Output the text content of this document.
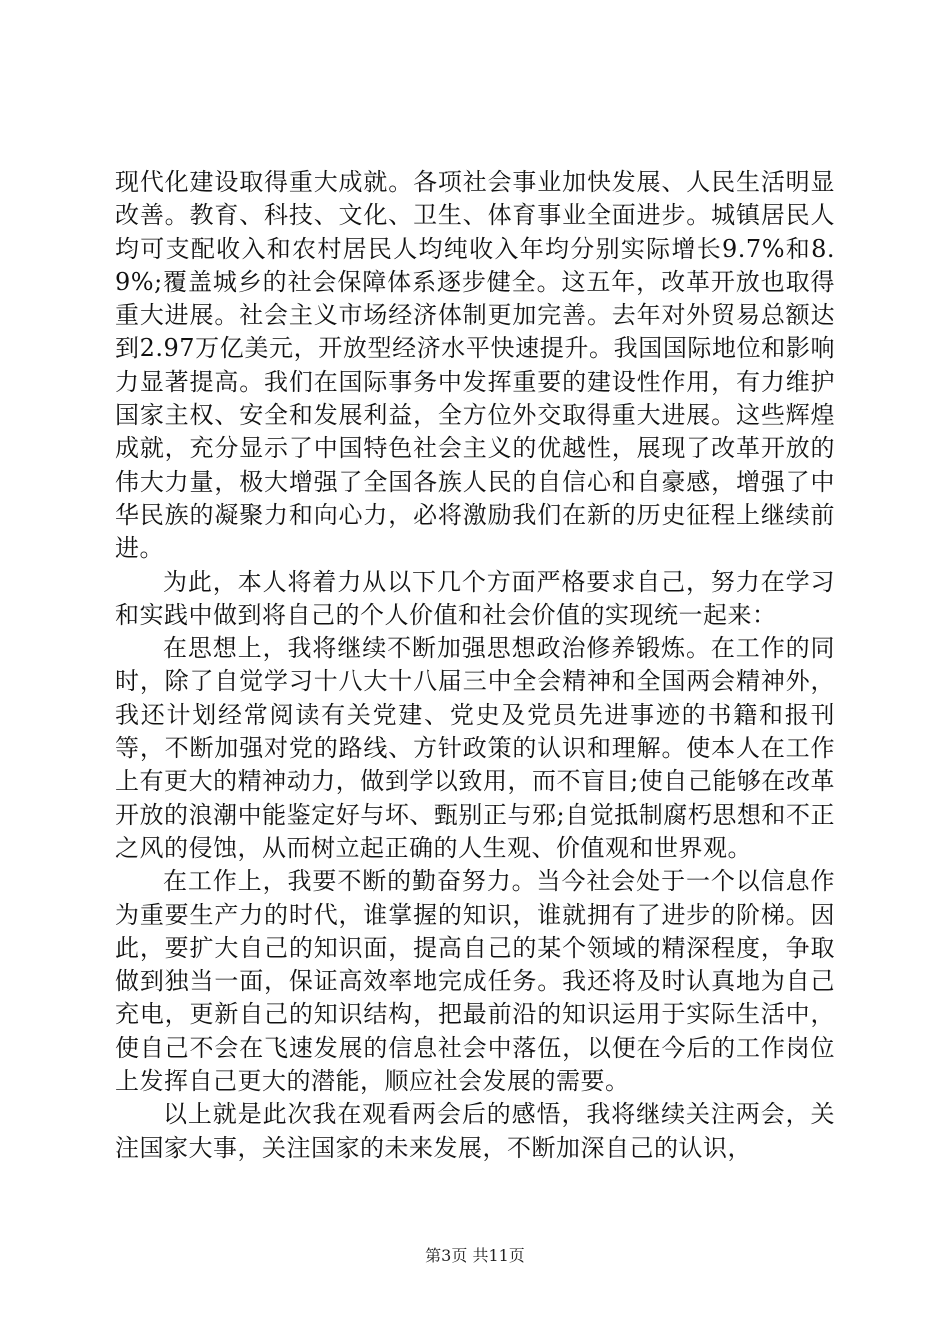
现代化建设取得重大成就。各项社会事业加快发展、人民生活明显改善。教育、科技、文化、卫生、体育事业全面进步。城镇居民人均可支配收入和农村居民人均纯收入年均分别实际增长9.7%和8.9%;覆盖城乡的社会保障体系逐步健全。这五年，改革开放也取得重大进展。社会主义市场经济体制更加完善。去年对外贸易总额达到2.97万亿美元，开放型经济水平快速提升。我国国际地位和影响力显著提高。我们在国际事务中发挥重要的建设性作用，有力维护国家主权、安全和发展利益，全方位外交取得重大进展。这些辉煌成就，充分显示了中国特色社会主义的优越性，展现了改革开放的伟大力量，极大增强了全国各族人民的自信心和自豪感，增强了中华民族的凝聚力和向心力，必将激励我们在新的历史征程上继续前进。

为此，本人将着力从以下几个方面严格要求自己，努力在学习和实践中做到将自己的个人价值和社会价值的实现统一起来：

在思想上，我将继续不断加强思想政治修养锻炼。在工作的同时，除了自觉学习十八大十八届三中全会精神和全国两会精神外，我还计划经常阅读有关党建、党史及党员先进事迹的书籍和报刊等，不断加强对党的路线、方针政策的认识和理解。使本人在工作上有更大的精神动力，做到学以致用，而不盲目;使自己能够在改革开放的浪潮中能鉴定好与坏、甄别正与邪;自觉抵制腐朽思想和不正之风的侵蚀，从而树立起正确的人生观、价值观和世界观。

在工作上，我要不断的勤奋努力。当今社会处于一个以信息作为重要生产力的时代，谁掌握的知识，谁就拥有了进步的阶梯。因此，要扩大自己的知识面，提高自己的某个领域的精深程度，争取做到独当一面，保证高效率地完成任务。我还将及时认真地为自己充电，更新自己的知识结构，把最前沿的知识运用于实际生活中，使自己不会在飞速发展的信息社会中落伍，以便在今后的工作岗位上发挥自己更大的潜能，顺应社会发展的需要。

以上就是此次我在观看两会后的感悟，我将继续关注两会，关注国家大事，关注国家的未来发展，不断加深自己的认识，

第3页 共11页
